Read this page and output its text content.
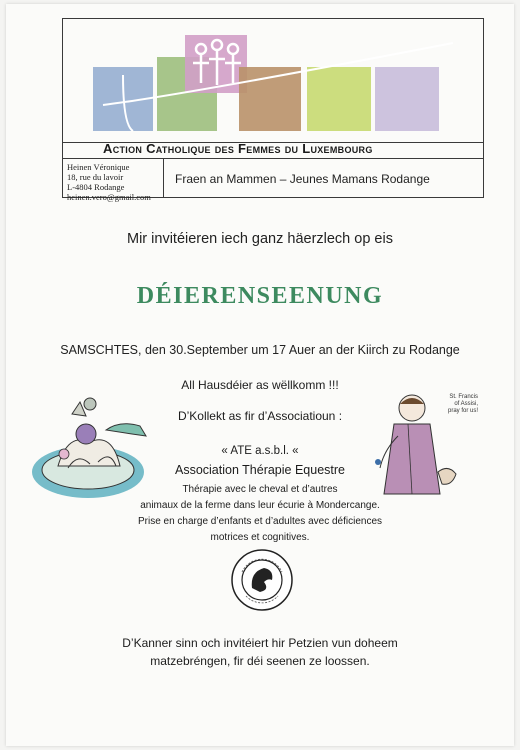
Action Catholique des Femmes du Luxembourg
Heinen Véronique
18, rue du lavoir
L-4804 Rodange
heinen.vero@gmail.com
Fraen an Mammen – Jeunes Mamans Rodange
Mir invitéieren iech ganz häerzlech op eis
DÉIERENSEENUNG
SAMSCHTES, den 30.September um 17 Auer an der Kiirch zu Rodange
All Hausdéier as wëllkomm !!!
D’Kollekt as fir d’Associatioun :
« ATE a.s.b.l. «
Association Thérapie Equestre
Thérapie avec le cheval et d’autres
animaux de la ferme dans leur écurie à Mondercange.
Prise en charge d’enfants et d’adultes avec déficiences
motrices et cognitives.
St. Francis
of Assisi,
pray for us!
D’Kanner sinn och invitéiert hir Petzien vun doheem
matzebréngen, fir déi seenen ze loossen.
